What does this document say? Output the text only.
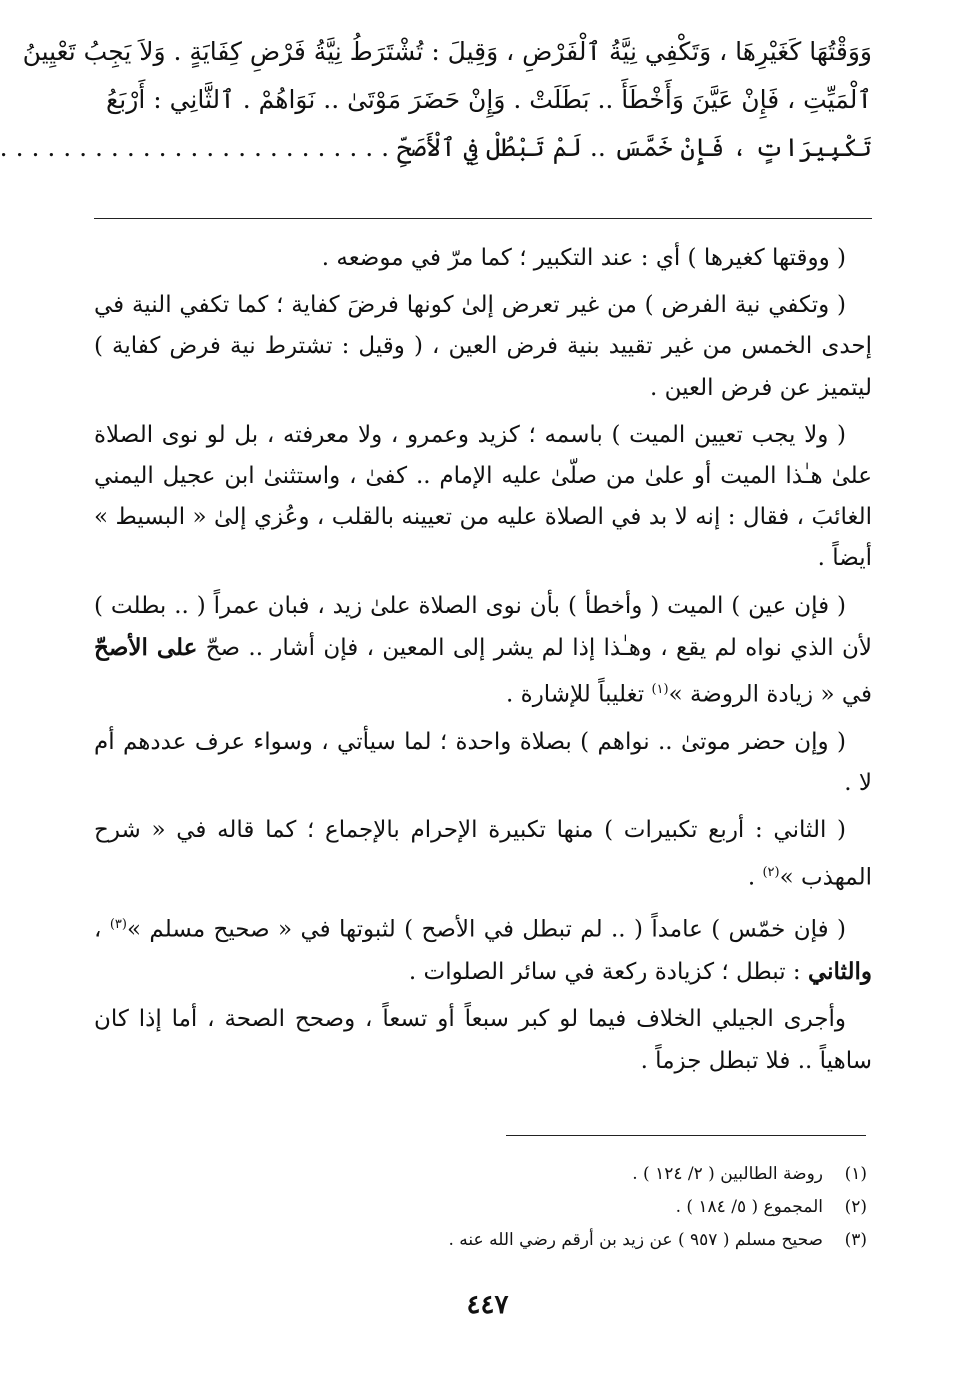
وَوَقْتُهَا كَغَيْرِهَا ، وَتَكْفِي نِيَّةُ ٱلْفَرْضِ ، وَقِيلَ : تُشْتَرَطُ نِيَّةُ فَرْضِ كِفَايَةٍ . وَلاَ يَجِبُ تَعْيِينُ
ٱلْمَيِّتِ ، فَإِنْ عَيَّنَ وَأَخْطَأَ .. بَطَلَتْ . وَإِنْ حَضَرَ مَوْتَىٰ .. نَوَاهُمْ . ٱلثَّانِي : أَرْبَعُ
تَكْبِيرَاتٍ ، فَإِنْ خَمَّسَ .. لَمْ تَبْطُلْ فِي ٱلْأَصَحِّ . . . . . . . . . . . . . . . . . . . . . . . . .

( ووقتها كغيرها ) أي : عند التكبير ؛ كما مرّ في موضعه .

( وتكفي نية الفرض ) من غير تعرض إلىٰ كونها فرضَ كفاية ؛ كما تكفي النية في إحدى الخمس من غير تقييد بنية فرض العين ، ( وقيل : تشترط نية فرض كفاية ) ليتميز عن فرض العين .

( ولا يجب تعيين الميت ) باسمه ؛ كزيد وعمرو ، ولا معرفته ، بل لو نوى الصلاة علىٰ هـٰذا الميت أو علىٰ من صلّىٰ عليه الإمام .. كفىٰ ، واستثنىٰ ابن عجيل اليمني الغائبَ ، فقال : إنه لا بد في الصلاة عليه من تعيينه بالقلب ، وعُزي إلىٰ « البسيط » أيضاً .

( فإن عين ) الميت ( وأخطأ ) بأن نوى الصلاة علىٰ زيد ، فبان عمراً ( .. بطلت ) لأن الذي نواه لم يقع ، وهـٰذا إذا لم يشر إلى المعين ، فإن أشار .. صحّ على الأصحّ في « زيادة الروضة »$^{(١)}$ تغليباً للإشارة .

( وإن حضر موتىٰ .. نواهم ) بصلاة واحدة ؛ لما سيأتي ، وسواء عرف عددهم أم لا .

( الثاني : أربع تكبيرات ) منها تكبيرة الإحرام بالإجماع ؛ كما قاله في « شرح المهذب »$^{(٢)}$ .

( فإن خمّس ) عامداً ( .. لم تبطل في الأصح ) لثبوتها في « صحيح مسلم »$^{(٣)}$ ، والثاني : تبطل ؛ كزيادة ركعة في سائر الصلوات .

وأجرى الجيلي الخلاف فيما لو كبر سبعاً أو تسعاً ، وصحح الصحة ، أما إذا كان ساهياً .. فلا تبطل جزماً .

(١)روضة الطالبين ( ٢/ ١٢٤ ) .
(٢)المجموع ( ٥/ ١٨٤ ) .
(٣)صحيح مسلم ( ٩٥٧ ) عن زيد بن أرقم رضي الله عنه .
٤٤٧
